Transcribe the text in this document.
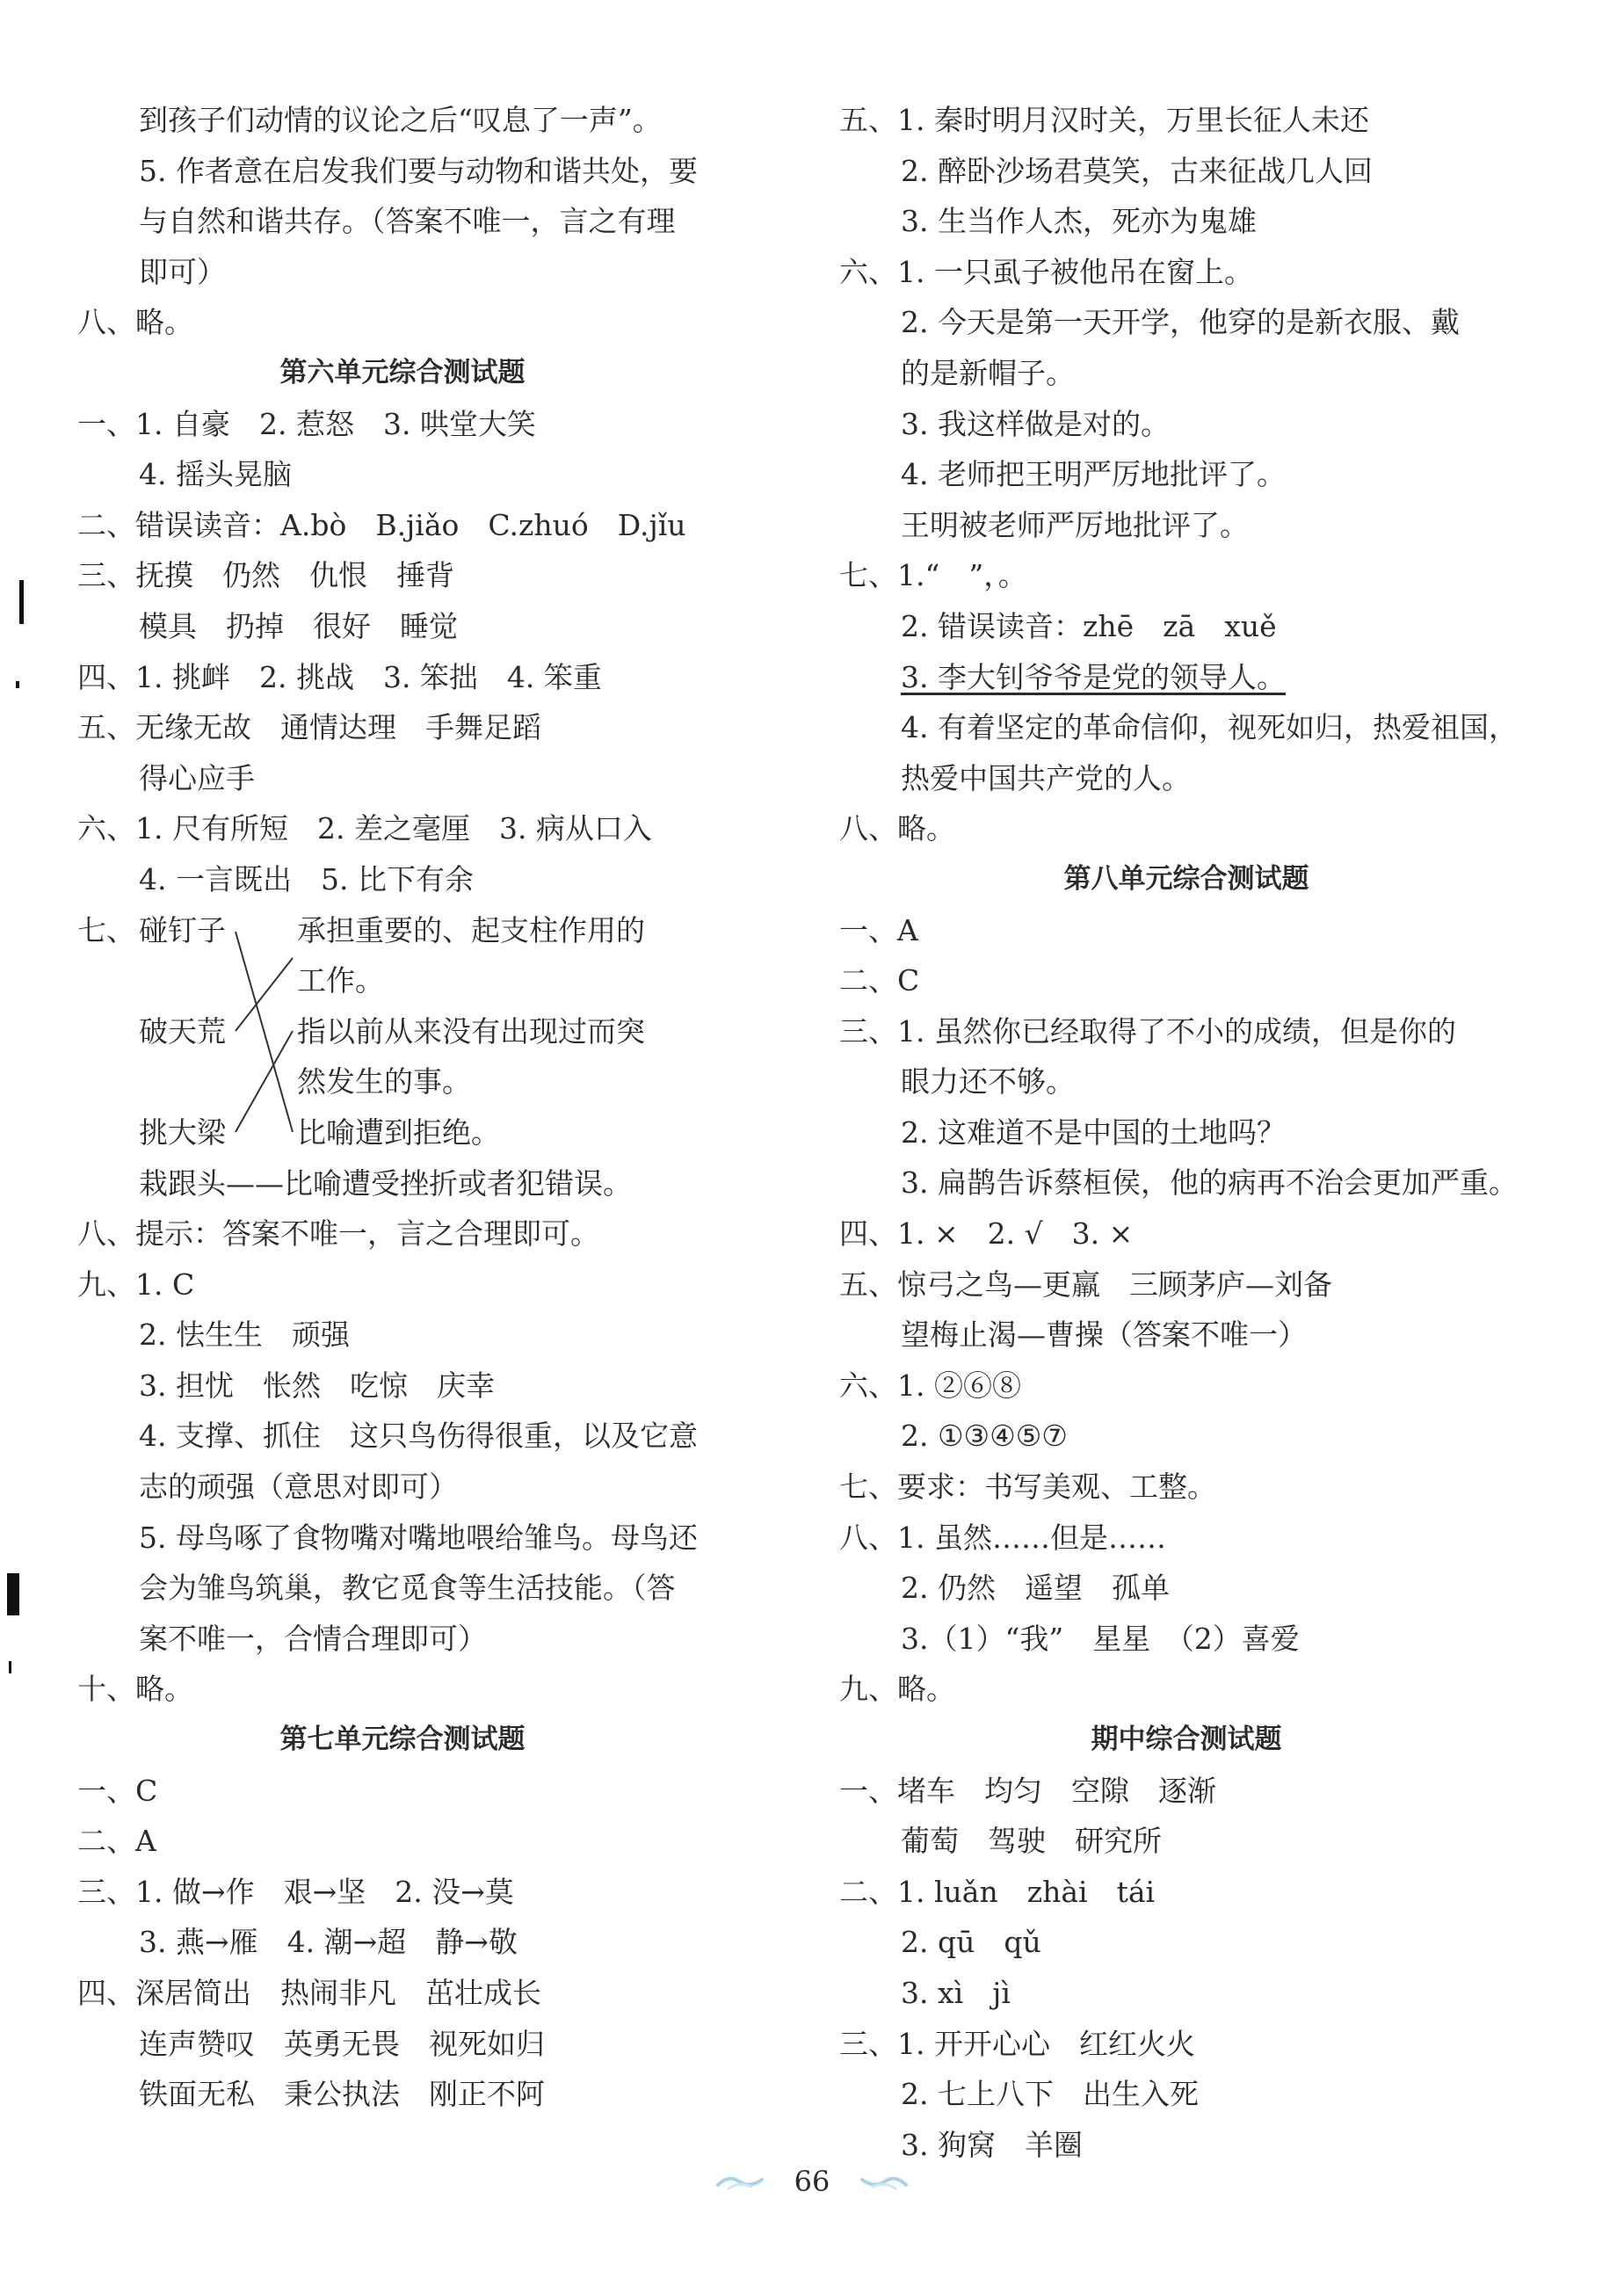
到孩子们动情的议论之后“叹息了一声”。
5. 作者意在启发我们要与动物和谐共处，要
与自然和谐共存。（答案不唯一，言之有理
即可）
八、略。
第六单元综合测试题
一、1. 自豪　2. 惹怒　3. 哄堂大笑
4. 摇头晃脑
二、错误读音：A.bò　B.jiǎo　C.zhuó　D.jǐu
三、抚摸　仍然　仇恨　捶背
模具　扔掉　很好　睡觉
四、1. 挑衅　2. 挑战　3. 笨拙　4. 笨重
五、无缘无故　通情达理　手舞足蹈
得心应手
六、1. 尺有所短　2. 差之毫厘　3. 病从口入
4. 一言既出　5. 比下有余
七、 碰钉子
破天荒
挑大梁
承担重要的、起支柱作用的
工作。
指以前从来没有出现过而突
然发生的事。
比喻遭到拒绝。
栽跟头——比喻遭受挫折或者犯错误。
八、提示：答案不唯一，言之合理即可。
九、1. C
2. 怯生生　顽强
3. 担忧　怅然　吃惊　庆幸
4. 支撑、抓住　这只鸟伤得很重，以及它意
志的顽强（意思对即可）
5. 母鸟啄了食物嘴对嘴地喂给雏鸟。母鸟还
会为雏鸟筑巢，教它觅食等生活技能。（答
案不唯一，合情合理即可）
十、略。
第七单元综合测试题
一、C
二、A
三、1. 做→作　艰→坚　2. 没→莫
3. 燕→雁　4. 潮→超　静→敬
四、深居简出　热闹非凡　茁壮成长
连声赞叹　英勇无畏　视死如归
铁面无私　秉公执法　刚正不阿
五、1. 秦时明月汉时关，万里长征人未还
2. 醉卧沙场君莫笑，古来征战几人回
3. 生当作人杰，死亦为鬼雄
六、1. 一只虱子被他吊在窗上。
2. 今天是第一天开学，他穿的是新衣服、戴
的是新帽子。
3. 我这样做是对的。
4. 老师把王明严厉地批评了。
王明被老师严厉地批评了。
七、1.“　”，。
2. 错误读音：zhē　zā　xuě
3. 李大钊爷爷是党的领导人。
4. 有着坚定的革命信仰，视死如归，热爱祖国，
热爱中国共产党的人。
八、略。
第八单元综合测试题
一、A
二、C
三、1. 虽然你已经取得了不小的成绩，但是你的
眼力还不够。
2. 这难道不是中国的土地吗？
3. 扁鹊告诉蔡桓侯，他的病再不治会更加严重。
四、1. ×　2. √　3. ×
五、惊弓之鸟—更羸　三顾茅庐—刘备
望梅止渴—曹操（答案不唯一）
六、1. ②⑥⑧
2. ①③④⑤⑦
七、要求：书写美观、工整。
八、1. 虽然……但是……
2. 仍然　遥望　孤单
3.（1）“我”　星星　（2）喜爱
九、略。
期中综合测试题
一、堵车　均匀　空隙　逐渐
葡萄　驾驶　研究所
二、1. luǎn　zhài　tái
2. qū　qǔ
3. xì　jì
三、1. 开开心心　红红火火
2. 七上八下　出生入死
3. 狗窝　羊圈
66
